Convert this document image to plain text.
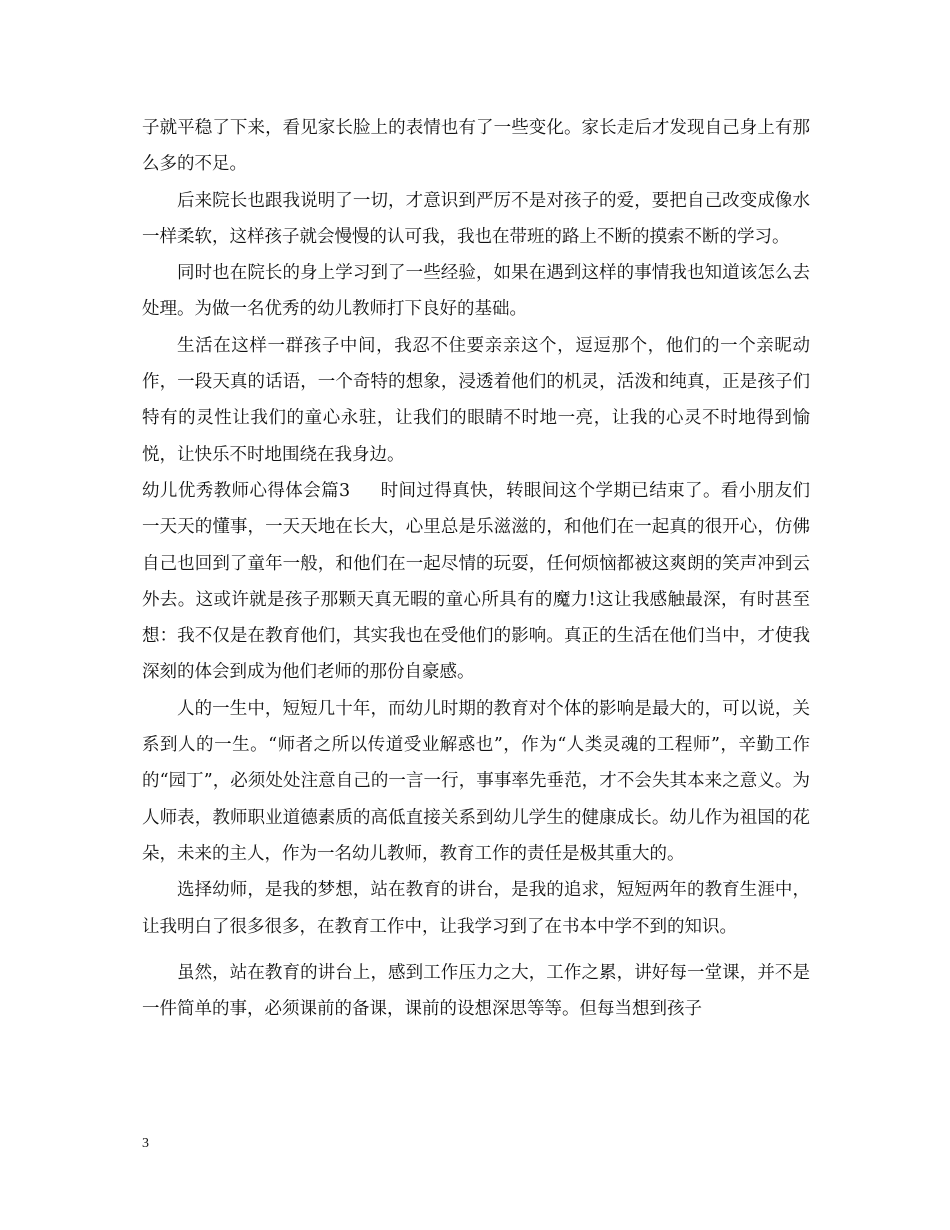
子就平稳了下来，看见家长脸上的表情也有了一些变化。家长走后才发现自己身上有那么多的不足。

后来院长也跟我说明了一切，才意识到严厉不是对孩子的爱，要把自己改变成像水一样柔软，这样孩子就会慢慢的认可我，我也在带班的路上不断的摸索不断的学习。

同时也在院长的身上学习到了一些经验，如果在遇到这样的事情我也知道该怎么去处理。为做一名优秀的幼儿教师打下良好的基础。

生活在这样一群孩子中间，我忍不住要亲亲这个，逗逗那个，他们的一个亲昵动作，一段天真的话语，一个奇特的想象，浸透着他们的机灵，活泼和纯真，正是孩子们特有的灵性让我们的童心永驻，让我们的眼睛不时地一亮，让我的心灵不时地得到愉悦，让快乐不时地围绕在我身边。

幼儿优秀教师心得体会篇3 时间过得真快，转眼间这个学期已结束了。看小朋友们一天天的懂事，一天天地在长大，心里总是乐滋滋的，和他们在一起真的很开心，仿佛自己也回到了童年一般，和他们在一起尽情的玩耍，任何烦恼都被这爽朗的笑声冲到云外去。这或许就是孩子那颗天真无暇的童心所具有的魔力!这让我感触最深，有时甚至想：我不仅是在教育他们，其实我也在受他们的影响。真正的生活在他们当中，才使我深刻的体会到成为他们老师的那份自豪感。

人的一生中，短短几十年，而幼儿时期的教育对个体的影响是最大的，可以说，关系到人的一生。“师者之所以传道受业解惑也”，作为“人类灵魂的工程师”，辛勤工作的“园丁”，必须处处注意自己的一言一行，事事率先垂范，才不会失其本来之意义。为人师表，教师职业道德素质的高低直接关系到幼儿学生的健康成长。幼儿作为祖国的花朵，未来的主人，作为一名幼儿教师，教育工作的责任是极其重大的。

选择幼师，是我的梦想，站在教育的讲台，是我的追求，短短两年的教育生涯中，让我明白了很多很多，在教育工作中，让我学习到了在书本中学不到的知识。

虽然，站在教育的讲台上，感到工作压力之大，工作之累，讲好每一堂课，并不是一件简单的事，必须课前的备课，课前的设想深思等等。但每当想到孩子

3
